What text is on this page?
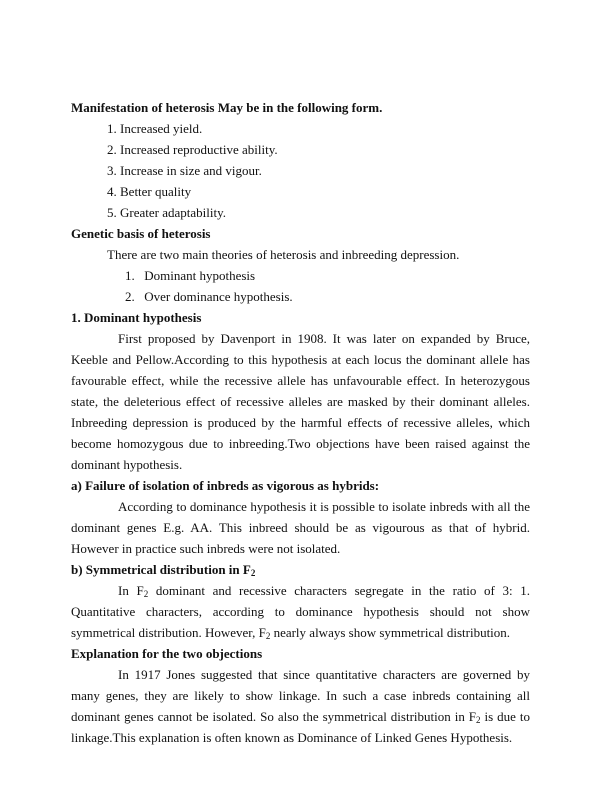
Manifestation of heterosis May be in the following form.
1. Increased yield.
2. Increased reproductive ability.
3. Increase in size and vigour.
4. Better quality
5. Greater adaptability.
Genetic basis of heterosis
There are two main theories of heterosis and inbreeding depression.
1. Dominant hypothesis
2. Over dominance hypothesis.
1. Dominant hypothesis

First proposed by Davenport in 1908. It was later on expanded by Bruce, Keeble and Pellow.According to this hypothesis at each locus the dominant allele has favourable effect, while the recessive allele has unfavourable effect. In heterozygous state, the deleterious effect of recessive alleles are masked by their dominant alleles. Inbreeding depression is produced by the harmful effects of recessive alleles, which become homozygous due to inbreeding.Two objections have been raised against the dominant hypothesis.

a) Failure of isolation of inbreds as vigorous as hybrids:

According to dominance hypothesis it is possible to isolate inbreds with all the dominant genes E.g. AA. This inbreed should be as vigourous as that of hybrid. However in practice such inbreds were not isolated.

b) Symmetrical distribution in $F_2$

In $F_2$ dominant and recessive characters segregate in the ratio of 3: 1. Quantitative characters, according to dominance hypothesis should not show symmetrical distribution. However, $F_2$ nearly always show symmetrical distribution.

Explanation for the two objections

In 1917 Jones suggested that since quantitative characters are governed by many genes, they are likely to show linkage. In such a case inbreds containing all dominant genes cannot be isolated. So also the symmetrical distribution in $F_2$ is due to linkage.This explanation is often known as Dominance of Linked Genes Hypothesis.
